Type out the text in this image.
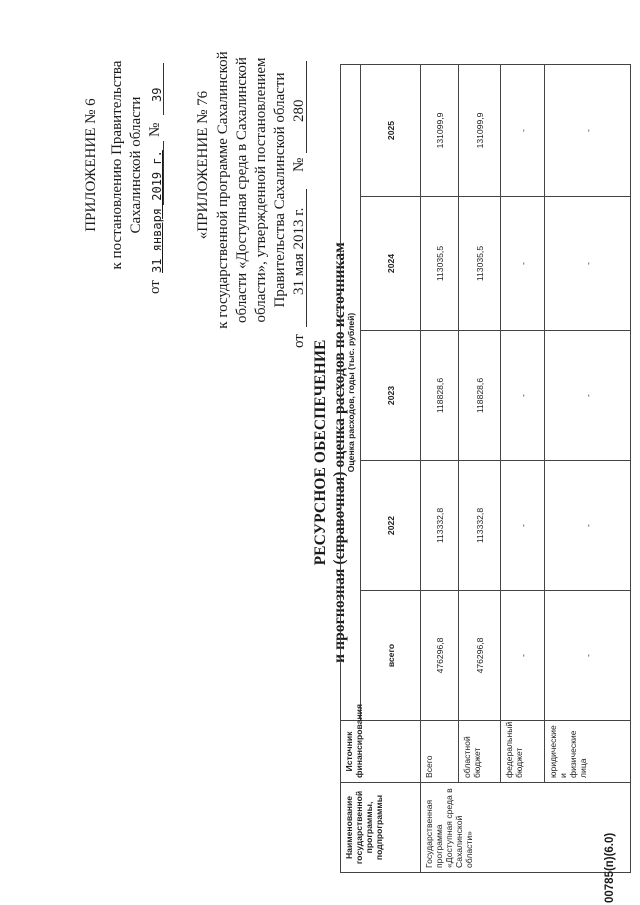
ПРИЛОЖЕНИЕ № 6 к постановлению Правительства Сахалинской области
от
31 января 2019 г.
№
39 «ПРИЛОЖЕНИЕ № 76 к государственной программе Сахалинской области «Доступная среда в Сахалинской области», утвержденной постановлением Правительства Сахалинской области
от
31 мая 2013 г.
№
280
РЕСУРСНОЕ ОБЕСПЕЧЕНИЕ и прогнозная (справочная) оценка расходов по источникам
Наименование государственной программы, подпрограммы	Источник финансирования	Оценка расходов, годы (тыс. рублей)				
		всего	2022	2023	2024	2025
Государственная программа «Доступная среда в Сахалинской области»	Всего	476296,8	113332,8	118828,6	113035,5	131099,9
	областной бюджет	476296,8	113332,8	118828,6	113035,5	131099,9
	федеральный бюджет	-	-	-	-	-
	юридические и физические лица	-	-	-	-	-
00785(п)(6.0)
